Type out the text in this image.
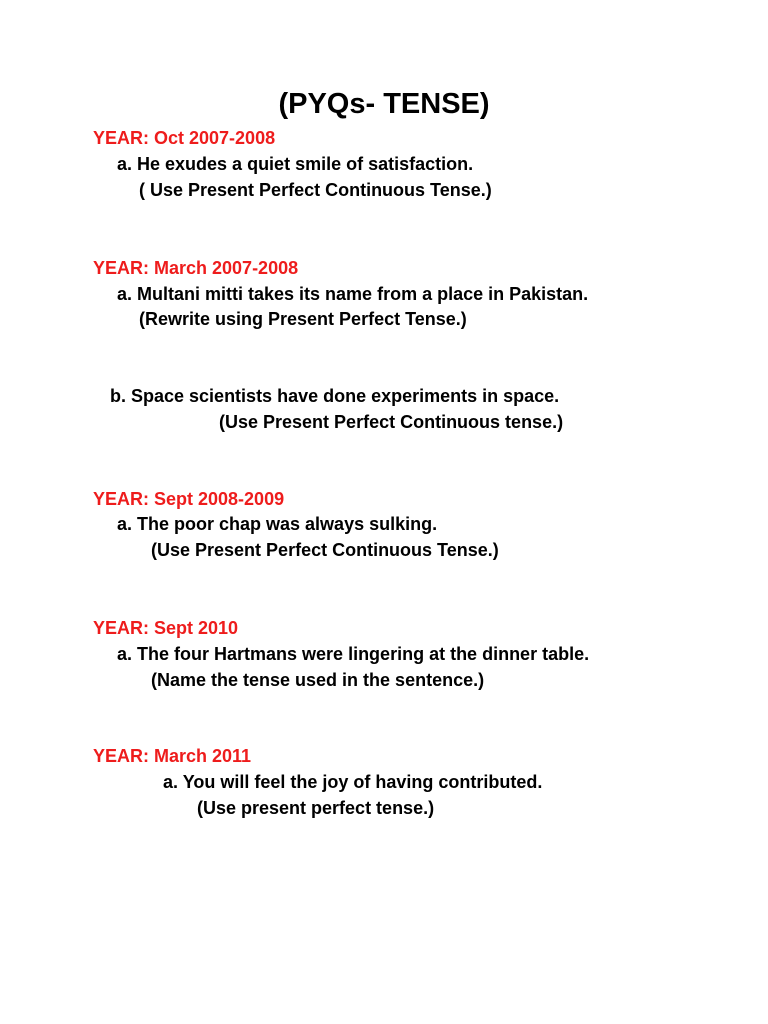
(PYQs- TENSE)
YEAR: Oct 2007-2008
a. He exudes a quiet smile of satisfaction.
( Use Present Perfect Continuous Tense.)
YEAR: March 2007-2008
a. Multani mitti takes its name from a place in Pakistan.
(Rewrite using Present Perfect Tense.)
b. Space scientists have done experiments in space.
(Use Present Perfect Continuous tense.)
YEAR: Sept 2008-2009
a. The poor chap was always sulking.
(Use Present Perfect Continuous Tense.)
YEAR: Sept 2010
a. The four Hartmans were lingering at the dinner table.
(Name the tense used in the sentence.)
YEAR: March 2011
a. You will feel the joy of having contributed.
(Use present perfect tense.)
